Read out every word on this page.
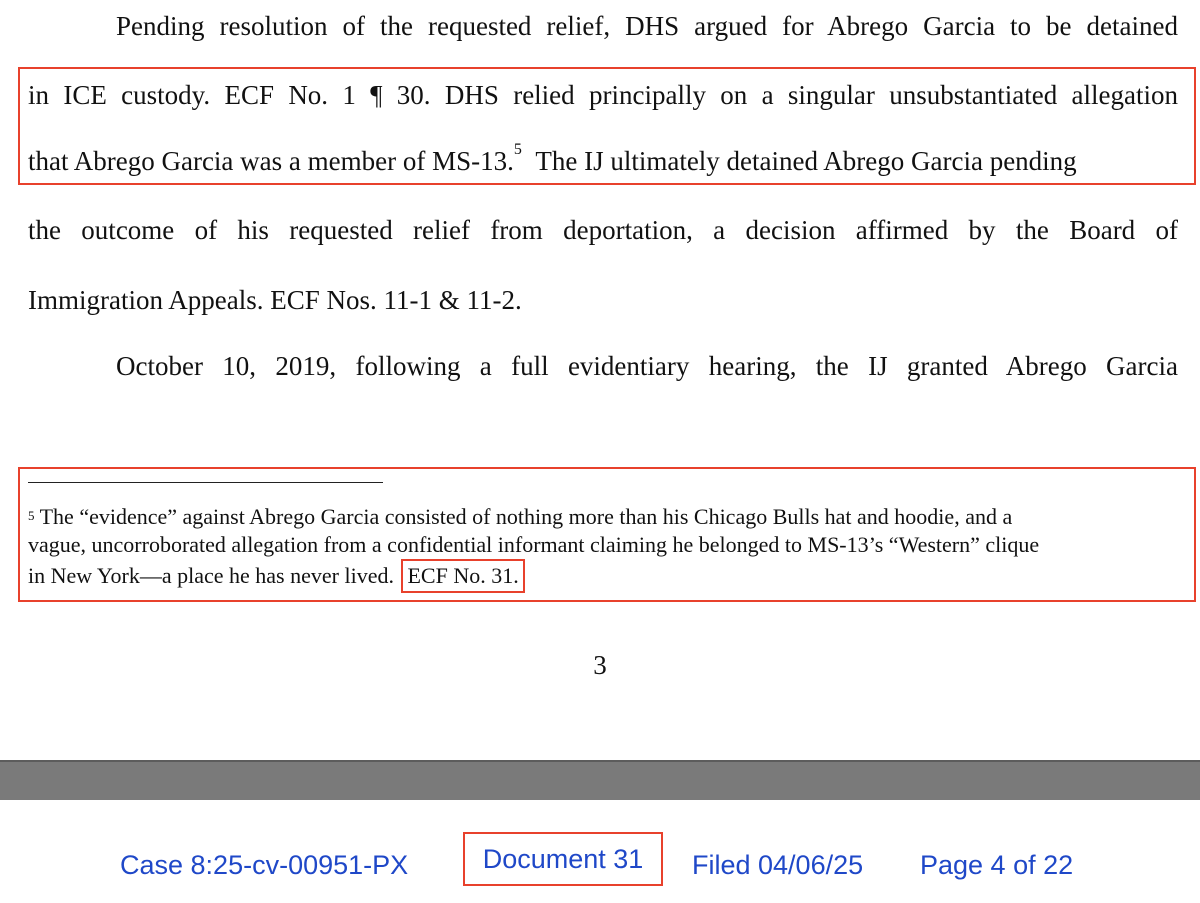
Pending resolution of the requested relief, DHS argued for Abrego Garcia to be detained
in ICE custody. ECF No. 1 ¶ 30. DHS relied principally on a singular unsubstantiated allegation
that Abrego Garcia was a member of MS-13.$^5$ The IJ ultimately detained Abrego Garcia pending
the outcome of his requested relief from deportation, a decision affirmed by the Board of
Immigration Appeals. ECF Nos. 11-1 & 11-2.
October 10, 2019, following a full evidentiary hearing, the IJ granted Abrego Garcia
$^5$ The “evidence” against Abrego Garcia consisted of nothing more than his Chicago Bulls hat and hoodie, and a
vague, uncorroborated allegation from a confidential informant claiming he belonged to MS-13’s “Western” clique
in New York—a place he has never lived. ECF No. 31.
3
Case 8:25-cv-00951-PX	Document 31	Filed 04/06/25 Page 4 of 22
